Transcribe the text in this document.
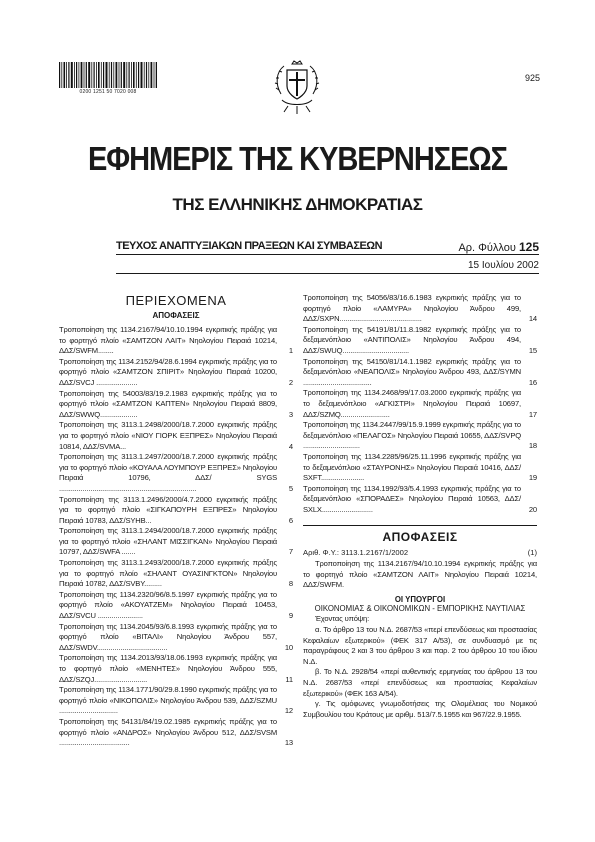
0200 1251 50 7020 008
925
ΕΦΗΜΕΡΙΣ ΤΗΣ ΚΥΒΕΡΝΗΣΕΩΣ
ΤΗΣ ΕΛΛΗΝΙΚΗΣ ΔΗΜΟΚΡΑΤΙΑΣ
ΤΕΥΧΟΣ ΑΝΑΠΤΥΞΙΑΚΩΝ ΠΡΑΞΕΩΝ ΚΑΙ ΣΥΜΒΑΣΕΩΝ	Αρ. Φύλλου 125
15 Ιουλίου 2002
ΠΕΡΙΕΧΟΜΕΝΑ
ΑΠΟΦΑΣΕΙΣ
Τροποποίηση της 1134.2167/94/10.10.1994 εγκριτικής πράξης για το φορτηγό πλοίο «ΣΑΜΤΖΟΝ ΛΑΙΤ» Νηολογίου Πειραιά 10214, ΔΔΣ/SWFM........	1
Τροποποίηση της 1134.2152/94/28.6.1994 εγκριτικής πράξης για το φορτηγό πλοίο «ΣΑΜΤΖΟΝ ΣΠΙΡΙΤ» Νηολογίου Πειραιά 10200, ΔΔΣ/SVCJ .....................	2
Τροποποίηση της 54003/83/19.2.1983 εγκριτικής πράξης για το φορτηγό πλοίο «ΣΑΜΤΖΟΝ ΚΑΠΤΕΝ» Νηολογίου Πειραιά 8809, ΔΔΣ/SWWQ...................	3
Τροποποίηση της 3113.1.2498/2000/18.7.2000 εγκριτικής πράξης για το φορτηγό πλοίο «ΝΙΟΥ ΓΙΟΡΚ ΕΞΠΡΕΣ» Νηολογίου Πειραιά 10814, ΔΔΣ/SVMA...	4
Τροποποίηση της 3113.1.2497/2000/18.7.2000 εγκριτικής πράξης για το φορτηγό πλοίο «ΚΟΥΑΛΑ ΛΟΥΜΠΟΥΡ ΕΞΠΡΕΣ» Νηολογίου Πειραιά 10796, ΔΔΣ/ SYGS ......................................................................	5
Τροποποίηση της 3113.1.2496/2000/4.7.2000 εγκριτικής πράξης για το φορτηγό πλοίο «ΣΙΓΚΑΠΟΥΡΗ ΕΞΠΡΕΣ» Νηολογίου Πειραιά 10783, ΔΔΣ/SYHB...	6
Τροποποίηση της 3113.1.2494/2000/18.7.2000 εγκριτικής πράξης για το φορτηγό πλοίο «ΣΗΛΑΝΤ ΜΙΣΣΙΓΚΑΝ» Νηολογίου Πειραιά 10797, ΔΔΣ/SWFA .......	7
Τροποποίηση της 3113.1.2493/2000/18.7.2000 εγκριτικής πράξης για το φορτηγό πλοίο «ΣΗΛΑΝΤ ΟΥΑΣΙΝΓΚΤΟΝ» Νηολογίου Πειραιά 10782, ΔΔΣ/SVBY.........	8
Τροποποίηση της 1134.2320/96/8.5.1997 εγκριτικής πράξης για το φορτηγό πλοίο «ΑΚΟΥΑΤΖΕΜ» Νηολογίου Πειραιά 10453, ΔΔΣ/SVCU .......................	9
Τροποποίηση της 1134.2045/93/6.8.1993 εγκριτικής πράξης για το φορτηγό πλοίο «ΒΙΤΑΛΙ» Νηολογίου Άνδρου 557, ΔΔΣ/SWDV....................................	10
Τροποποίηση της 1134.2013/93/18.06.1993 εγκριτικής πράξης για το φορτηγό πλοίο «ΜΕΝΗΤΕΣ» Νηολογίου Άνδρου 555, ΔΔΣ/SZQJ...........................	11
Τροποποίηση της 1134.1771/90/29.8.1990 εγκριτικής πράξης για το φορτηγό πλοίο «ΝΙΚΟΠΟΛΙΣ» Νηολογίου Άνδρου 539, ΔΔΣ/SZMU ..............................	12
Τροποποίηση της 54131/84/19.02.1985 εγκριτικής πράξης για το φορτηγό πλοίο «ΑΝΔΡΟΣ» Νηολογίου Άνδρου 512, ΔΔΣ/SVSM ....................................	13
Τροποποίηση της 54056/83/16.6.1983 εγκριτικής πράξης για το φορτηγό πλοίο «ΛΑΜΥΡΑ» Νηολογίου Άνδρου 499, ΔΔΣ/SXPN..........................................	14
Τροποποίηση της 54191/81/11.8.1982 εγκριτικής πράξης για το δεξαμενόπλοιο «ΑΝΤΙΠΟΛΙΣ» Νηολογίου Άνδρου 494, ΔΔΣ/SWUQ..................................	15
Τροποποίηση της 54150/81/14.1.1982 εγκριτικής πράξης για το δεξαμενόπλοιο «ΝΕΑΠΟΛΙΣ» Νηολογίου Άνδρου 493, ΔΔΣ/SYMN ...................................	16
Τροποποίηση της 1134.2468/99/17.03.2000 εγκριτικής πράξης για το δεξαμενόπλοιο «ΑΓΚΙΣΤΡΙ» Νηολογίου Πειραιά 10697, ΔΔΣ/SZMQ.........................	17
Τροποποίηση της 1134.2447/99/15.9.1999 εγκριτικής πράξης για το δεξαμενόπλοιο «ΠΕΛΑΓΟΣ» Νηολογίου Πειραιά 10655, ΔΔΣ/SVPQ .............................	18
Τροποποίηση της 1134.2285/96/25.11.1996 εγκριτικής πράξης για το δεξαμενόπλοιο «ΣΤΑΥΡΟΝΗΣ» Νηολογίου Πειραιά 10416, ΔΔΣ/ SXFT......................	19
Τροποποίηση της 1134.1992/93/5.4.1993 εγκριτικής πράξης για το δεξαμενόπλοιο «ΣΠΟΡΑΔΕΣ» Νηολογίου Πειραιά 10563, ΔΔΣ/ SXLX..........................	20
ΑΠΟΦΑΣΕΙΣ
Αριθ. Φ.Υ.: 3113.1.2167/1/2002	(1)
Τροποποίηση της 1134.2167/94/10.10.1994 εγκριτικής πράξης για το φορτηγό πλοίο «ΣΑΜΤΖΟΝ ΛΑΙΤ» Νηολογίου Πειραιά 10214, ΔΔΣ/SWFM.
ΟΙ ΥΠΟΥΡΓΟΙ
ΟΙΚΟΝΟΜΙΑΣ & ΟΙΚΟΝΟΜΙΚΩΝ - ΕΜΠΟΡΙΚΗΣ ΝΑΥΤΙΛΙΑΣ
Έχοντας υπόψη:
α. Το άρθρο 13 του Ν.Δ. 2687/53 «περί επενδύσεως και προστασίας Κεφαλαίων εξωτερικού» (ΦΕΚ 317 Α/53), σε συνδυασμό με τις παραγράφους 2 και 3 του άρθρου 3 και παρ. 2 του άρθρου 10 του ίδιου Ν.Δ.
β. Το Ν.Δ. 2928/54 «περί αυθεντικής ερμηνείας του άρθρου 13 του Ν.Δ. 2687/53 «περί επενδύσεως και προστασίας Κεφαλαίων εξωτερικού» (ΦΕΚ 163 Α/54).
γ. Τις ομόφωνες γνωμοδοτήσεις της Ολομέλειας του Νομικού Συμβουλίου του Κράτους με αριθμ. 513/7.5.1955 και 967/22.9.1955.
